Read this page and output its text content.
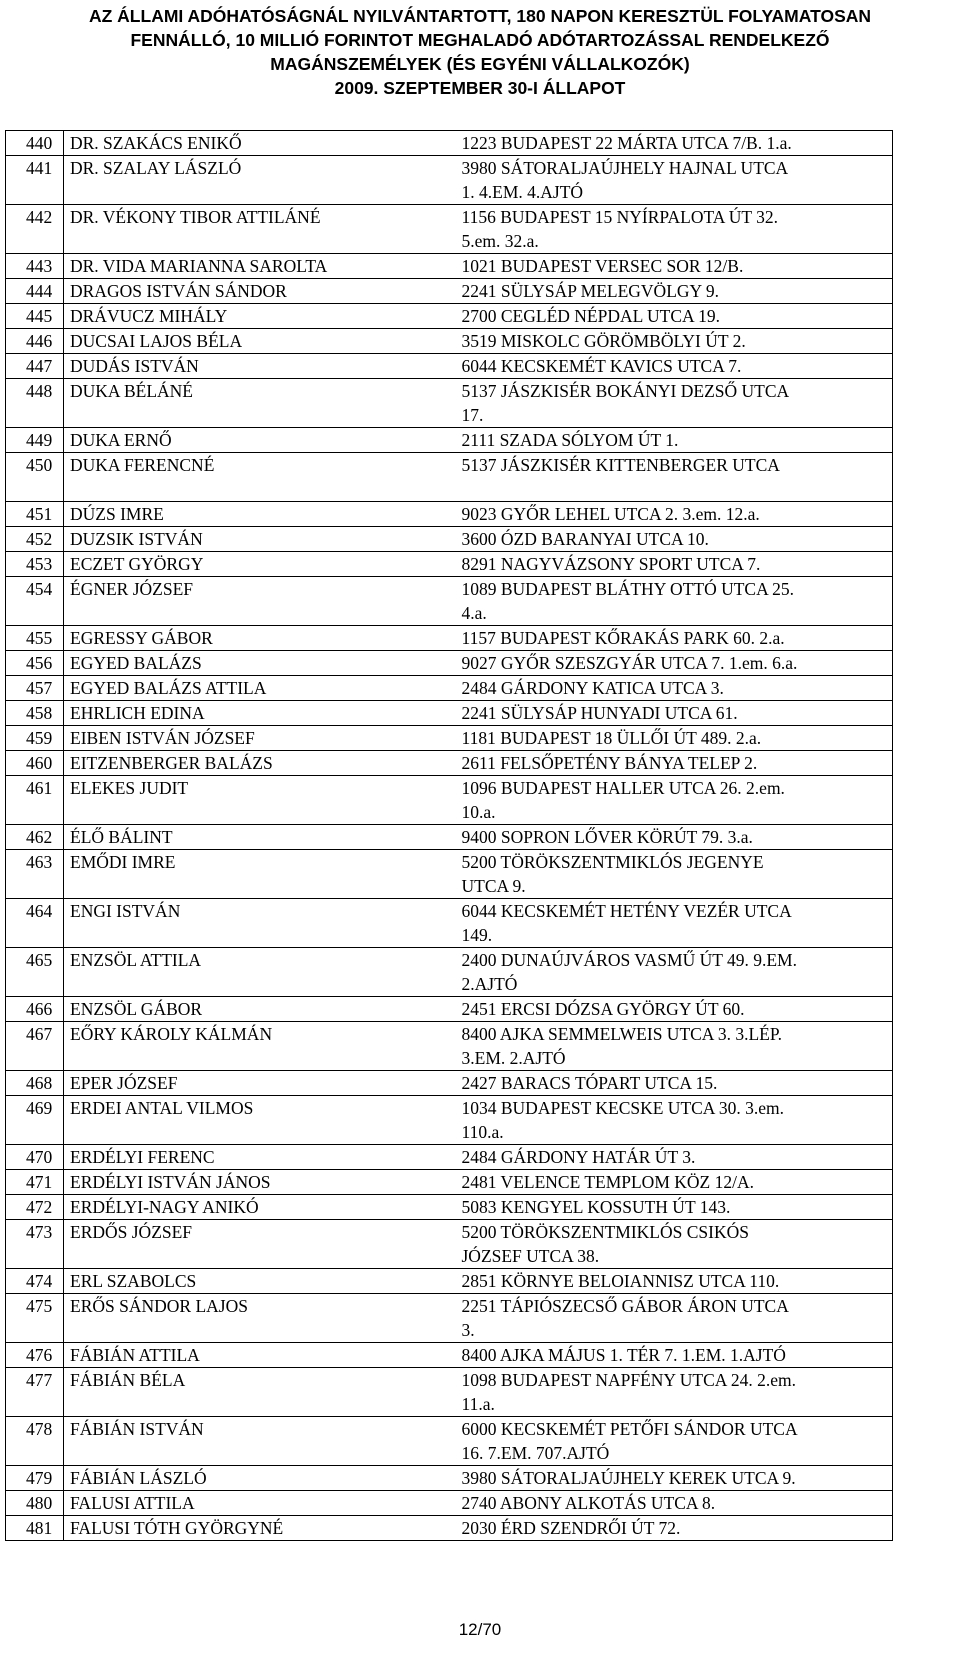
AZ ÁLLAMI ADÓHATÓSÁGNÁL NYILVÁNTARTOTT, 180 NAPON KERESZTÜL FOLYAMATOSAN
FENNÁLLÓ, 10 MILLIÓ FORINTOT MEGHALADÓ ADÓTARTOZÁSSAL RENDELKEZŐ
MAGÁNSZEMÉLYEK (ÉS EGYÉNI VÁLLALKOZÓK)
2009. SZEPTEMBER 30-I ÁLLAPOT
440	DR. SZAKÁCS ENIKŐ	1223 BUDAPEST 22 MÁRTA UTCA 7/B. 1.a.

441	DR. SZALAY LÁSZLÓ	3980 SÁTORALJAÚJHELY HAJNAL UTCA
1. 4.EM. 4.AJTÓ

442	DR. VÉKONY TIBOR ATTILÁNÉ	1156 BUDAPEST 15 NYÍRPALOTA ÚT 32.
5.em. 32.a.

443	DR. VIDA MARIANNA SAROLTA	1021 BUDAPEST VERSEC SOR 12/B.

444	DRAGOS ISTVÁN SÁNDOR	2241 SÜLYSÁP MELEGVÖLGY 9.

445	DRÁVUCZ MIHÁLY	2700 CEGLÉD NÉPDAL UTCA 19.

446	DUCSAI LAJOS BÉLA	3519 MISKOLC GÖRÖMBÖLYI ÚT 2.

447	DUDÁS ISTVÁN	6044 KECSKEMÉT KAVICS UTCA 7.

448	DUKA BÉLÁNÉ	5137 JÁSZKISÉR BOKÁNYI DEZSŐ UTCA
17.

449	DUKA ERNŐ	2111 SZADA SÓLYOM ÚT 1.

450	DUKA FERENCNÉ	5137 JÁSZKISÉR KITTENBERGER UTCA

451	DÚZS IMRE	9023 GYŐR LEHEL UTCA 2. 3.em. 12.a.

452	DUZSIK ISTVÁN	3600 ÓZD BARANYAI UTCA 10.

453	ECZET GYÖRGY	8291 NAGYVÁZSONY SPORT UTCA 7.

454	ÉGNER JÓZSEF	1089 BUDAPEST BLÁTHY OTTÓ UTCA 25.
4.a.

455	EGRESSY GÁBOR	1157 BUDAPEST KŐRAKÁS PARK 60. 2.a.

456	EGYED BALÁZS	9027 GYŐR SZESZGYÁR UTCA 7. 1.em. 6.a.

457	EGYED BALÁZS ATTILA	2484 GÁRDONY KATICA UTCA 3.

458	EHRLICH EDINA	2241 SÜLYSÁP HUNYADI UTCA 61.

459	EIBEN ISTVÁN JÓZSEF	1181 BUDAPEST 18 ÜLLŐI ÚT 489. 2.a.

460	EITZENBERGER BALÁZS	2611 FELSŐPETÉNY BÁNYA TELEP 2.

461	ELEKES JUDIT	1096 BUDAPEST HALLER UTCA 26. 2.em.
10.a.

462	ÉLŐ BÁLINT	9400 SOPRON LŐVER KÖRÚT 79. 3.a.

463	EMŐDI IMRE	5200 TÖRÖKSZENTMIKLÓS JEGENYE
UTCA 9.

464	ENGI ISTVÁN	6044 KECSKEMÉT HETÉNY VEZÉR UTCA
149.

465	ENZSÖL ATTILA	2400 DUNAÚJVÁROS VASMŰ ÚT 49. 9.EM.
2.AJTÓ

466	ENZSÖL GÁBOR	2451 ERCSI DÓZSA GYÖRGY ÚT 60.

467	EŐRY KÁROLY KÁLMÁN	8400 AJKA SEMMELWEIS UTCA 3. 3.LÉP.
3.EM. 2.AJTÓ

468	EPER JÓZSEF	2427 BARACS TÓPART UTCA 15.

469	ERDEI ANTAL VILMOS	1034 BUDAPEST KECSKE UTCA 30. 3.em.
110.a.

470	ERDÉLYI FERENC	2484 GÁRDONY HATÁR ÚT 3.

471	ERDÉLYI ISTVÁN JÁNOS	2481 VELENCE TEMPLOM KÖZ 12/A.

472	ERDÉLYI-NAGY ANIKÓ	5083 KENGYEL KOSSUTH ÚT 143.

473	ERDŐS JÓZSEF	5200 TÖRÖKSZENTMIKLÓS CSIKÓS
JÓZSEF UTCA 38.

474	ERL SZABOLCS	2851 KÖRNYE BELOIANNISZ UTCA 110.

475	ERŐS SÁNDOR LAJOS	2251 TÁPIÓSZECSŐ GÁBOR ÁRON UTCA
3.

476	FÁBIÁN ATTILA	8400 AJKA MÁJUS 1. TÉR 7. 1.EM. 1.AJTÓ

477	FÁBIÁN BÉLA	1098 BUDAPEST NAPFÉNY UTCA 24. 2.em.
11.a.

478	FÁBIÁN ISTVÁN	6000 KECSKEMÉT PETŐFI SÁNDOR UTCA
16. 7.EM. 707.AJTÓ

479	FÁBIÁN LÁSZLÓ	3980 SÁTORALJAÚJHELY KEREK UTCA 9.

480	FALUSI ATTILA	2740 ABONY ALKOTÁS UTCA 8.

481	FALUSI TÓTH GYÖRGYNÉ	2030 ÉRD SZENDRŐI ÚT 72.
12/70
